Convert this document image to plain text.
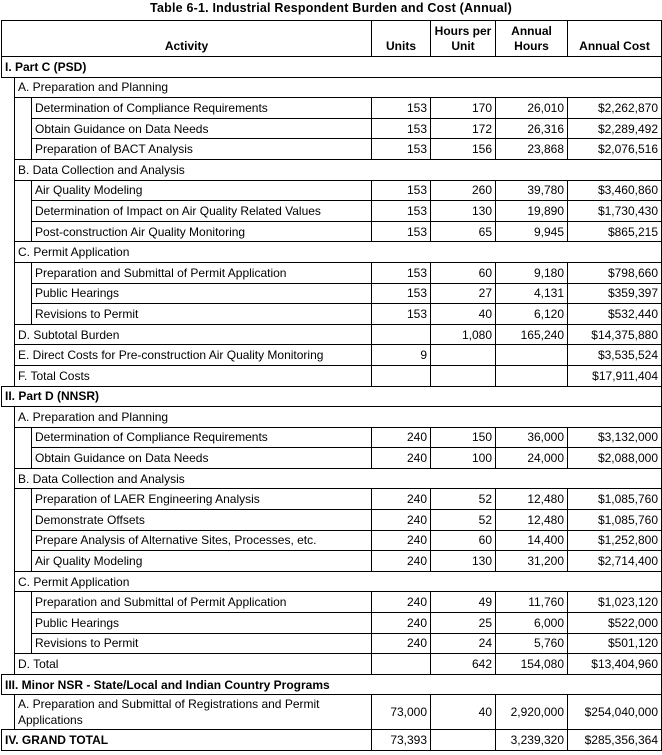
Table 6-1. Industrial Respondent Burden and Cost (Annual)
Activity			Units	Hours per Unit	Annual Hours	Annual Cost
I. Part C (PSD)						
	A. Preparation and Planning					
		Determination of Compliance Requirements	153	170	26,010	$2,262,870
		Obtain Guidance on Data Needs	153	172	26,316	$2,289,492
		Preparation of BACT Analysis	153	156	23,868	$2,076,516
	B. Data Collection and Analysis					
		Air Quality Modeling	153	260	39,780	$3,460,860
		Determination of Impact on Air Quality Related Values	153	130	19,890	$1,730,430
		Post-construction Air Quality Monitoring	153	65	9,945	$865,215
	C. Permit Application					
		Preparation and Submittal of Permit Application	153	60	9,180	$798,660
		Public Hearings	153	27	4,131	$359,397
		Revisions to Permit	153	40	6,120	$532,440
	D. Subtotal Burden			1,080	165,240	$14,375,880
	E. Direct Costs for Pre-construction Air Quality Monitoring		9			$3,535,524
	F. Total Costs					$17,911,404
II. Part D (NNSR)						
	A. Preparation and Planning					
		Determination of Compliance Requirements	240	150	36,000	$3,132,000
		Obtain Guidance on Data Needs	240	100	24,000	$2,088,000
	B. Data Collection and Analysis					
		Preparation of LAER Engineering Analysis	240	52	12,480	$1,085,760
		Demonstrate Offsets	240	52	12,480	$1,085,760
		Prepare Analysis of Alternative Sites, Processes, etc.	240	60	14,400	$1,252,800
		Air Quality Modeling	240	130	31,200	$2,714,400
	C. Permit Application					
		Preparation and Submittal of Permit Application	240	49	11,760	$1,023,120
		Public Hearings	240	25	6,000	$522,000
		Revisions to Permit	240	24	5,760	$501,120
	D. Total			642	154,080	$13,404,960
III. Minor NSR - State/Local and Indian Country Programs						
	A. Preparation and Submittal of Registrations and Permit Applications		73,000	40	2,920,000	$254,040,000
IV. GRAND TOTAL			73,393		3,239,320	$285,356,364
